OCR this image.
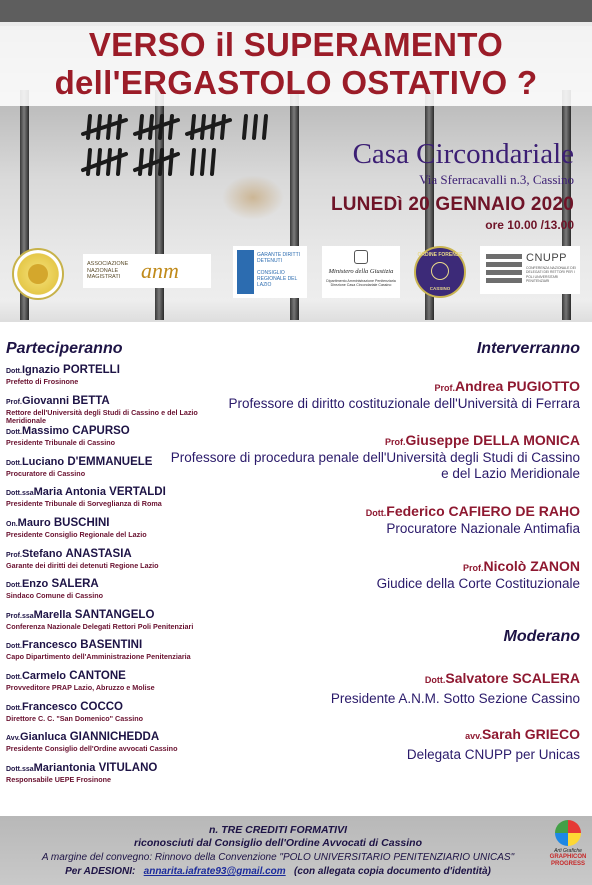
VERSO il SUPERAMENTO
dell'ERGASTOLO OSTATIVO ?
Casa Circondariale
Via Sferracavalli n.3, Cassino
LUNEDì 20 GENNAIO 2020
ore 10.00 /13.00
ASSOCIAZIONE NAZIONALE MAGISTRATI anm
GARANTE DIRITTI DETENUTI
CONSIGLIO REGIONALE DEL LAZIO
Ministero della Giustizia
Dipartimento Amministrazione Penitenziaria Direzione Casa Circondariale Cassino
ORDINE FORENSE
CASSINO
CNUPP
CONFERENZA NAZIONALE DEI DELEGATI DEI RETTORI PER I POLI UNIVERSITARI PENITENZIARI
Parteciperanno	Interverranno
Moderano
Dott.Ignazio PORTELLI
Prefetto di Frosinone
Prof.Giovanni BETTA
Rettore dell'Università degli Studi di Cassino e del Lazio Meridionale
Dott.Massimo CAPURSO
Presidente Tribunale di Cassino
Dott.Luciano D'EMMANUELE
Procuratore di Cassino
Dott.ssaMaria Antonia VERTALDI
Presidente Tribunale di Sorveglianza di Roma
On.Mauro BUSCHINI
Presidente Consiglio Regionale del Lazio
Prof.Stefano ANASTASIA
Garante dei diritti dei detenuti Regione Lazio
Dott.Enzo SALERA
Sindaco Comune di Cassino
Prof.ssaMarella SANTANGELO
Conferenza Nazionale Delegati Rettori Poli Penitenziari
Dott.Francesco BASENTINI
Capo Dipartimento dell'Amministrazione Penitenziaria
Dott.Carmelo CANTONE
Provveditore PRAP Lazio, Abruzzo e Molise
Dott.Francesco COCCO
Direttore C. C. "San Domenico" Cassino
Avv.Gianluca GIANNICHEDDA
Presidente Consiglio dell'Ordine avvocati Cassino
Dott.ssaMariantonia VITULANO
Responsabile UEPE Frosinone
Prof.Andrea PUGIOTTO
Professore di diritto costituzionale dell'Università di Ferrara
Prof.Giuseppe DELLA MONICA
Professore di procedura penale dell'Università degli Studi di Cassino
e del Lazio Meridionale
Dott.Federico CAFIERO DE RAHO
Procuratore Nazionale Antimafia
Prof.Nicolò ZANON
Giudice della Corte Costituzionale
Dott.Salvatore SCALERA
Presidente A.N.M. Sotto Sezione Cassino
avv.Sarah GRIECO
Delegata CNUPP per Unicas
n. TRE CREDITI FORMATIVI
riconosciuti dal Consiglio dell'Ordine Avvocati di Cassino
A margine del convegno: Rinnovo della Convenzione "POLO UNIVERSITARIO PENITENZIARIO UNICAS"
Per ADESIONI: annarita.iafrate93@gmail.com (con allegata copia documento d'identità)
Arti Grafiche
GRAPHICON PROGRESS
